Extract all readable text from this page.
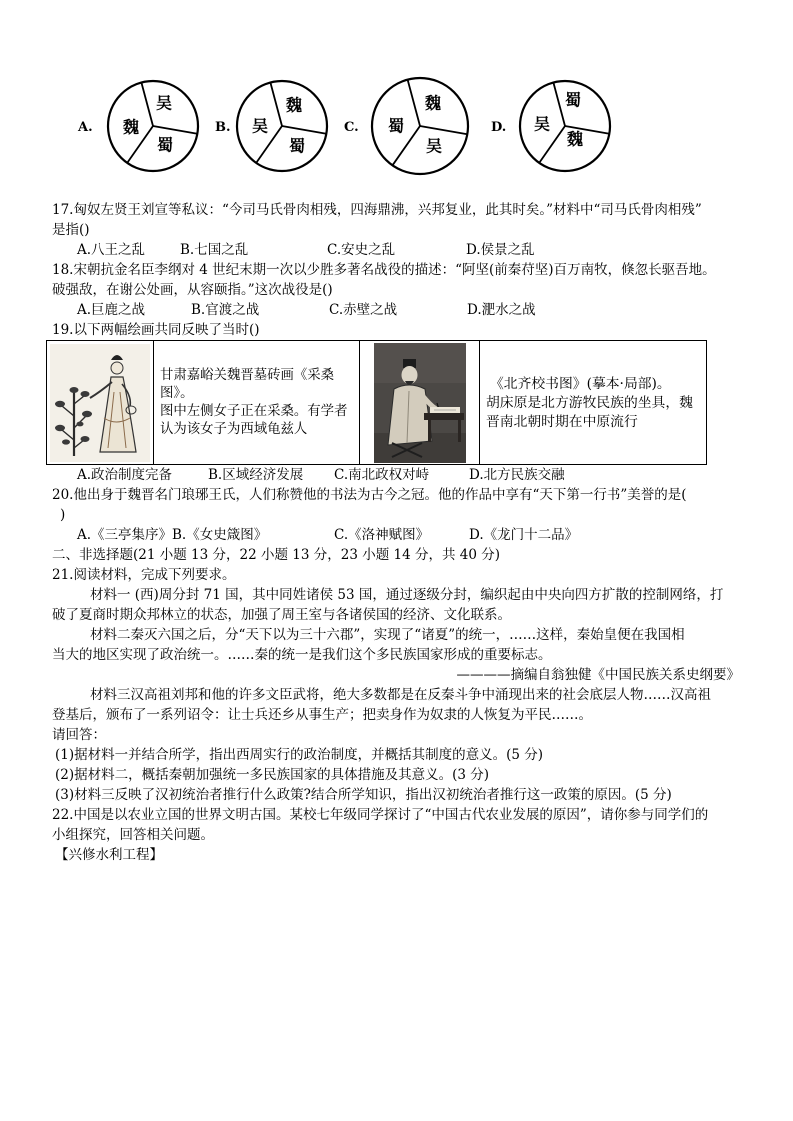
A.
吴
魏
蜀
B.
魏
吴
蜀
C.
魏
蜀
吴
D.
蜀
吴
魏
17.匈奴左贤王刘宣等私议：“今司马氏骨肉相残，四海鼎沸，兴邦复业，此其时矣。”材料中“司马氏骨肉相残”
是指()
A.八王之乱	B.七国之乱	C.安史之乱	D.侯景之乱
18.宋朝抗金名臣李纲对 4 世纪末期一次以少胜多著名战役的描述：“阿坚(前秦苻坚)百万南牧，倏忽长驱吾地。
破强敌，在谢公处画，从容颐指。”这次战役是()
A.巨鹿之战	B.官渡之战	C.赤壁之战	D.淝水之战
19.以下两幅绘画共同反映了当时()
甘肃嘉峪关魏晋墓砖画《采桑
图》。
图中左侧女子正在采桑。有学者
认为该女子为西域龟兹人
《北齐校书图》(摹本·局部)。
胡床原是北方游牧民族的坐具，魏
晋南北朝时期在中原流行
A.政治制度完备	B.区域经济发展 C.南北政权对峙	D.北方民族交融
20.他出身于魏晋名门琅琊王氏，人们称赞他的书法为古今之冠。他的作品中享有“天下第一行书”美誉的是(
)
A.《三亭集序》 B.《女史箴图》	C.《洛神赋图》	D.《龙门十二品》
二、非选择题(21 小题 13 分，22 小题 13 分，23 小题 14 分，共 40 分)
21.阅读材料，完成下列要求。
材料一 (西)周分封 71 国，其中同姓诸侯 53 国，通过逐级分封，编织起由中央向四方扩散的控制网络，打
破了夏商时期众邦林立的状态，加强了周王室与各诸侯国的经济、文化联系。
材料二秦灭六国之后，分“天下以为三十六郡”，实现了“诸夏”的统一，……这样，秦始皇便在我国相
当大的地区实现了政治统一。……秦的统一是我们这个多民族国家形成的重要标志。
————摘编自翁独健《中国民族关系史纲要》
材料三汉高祖刘邦和他的许多文臣武将，绝大多数都是在反秦斗争中涌现出来的社会底层人物……汉高祖
登基后，颁布了一系列诏令：让士兵还乡从事生产；把卖身作为奴隶的人恢复为平民……。
请回答：
(1)据材料一并结合所学，指出西周实行的政治制度，并概括其制度的意义。(5 分)
(2)据材料二，概括秦朝加强统一多民族国家的具体措施及其意义。(3 分)
(3)材料三反映了汉初统治者推行什么政策?结合所学知识，指出汉初统治者推行这一政策的原因。(5 分)
22.中国是以农业立国的世界文明古国。某校七年级同学探讨了“中国古代农业发展的原因”，请你参与同学们的
小组探究，回答相关问题。
【兴修水利工程】
